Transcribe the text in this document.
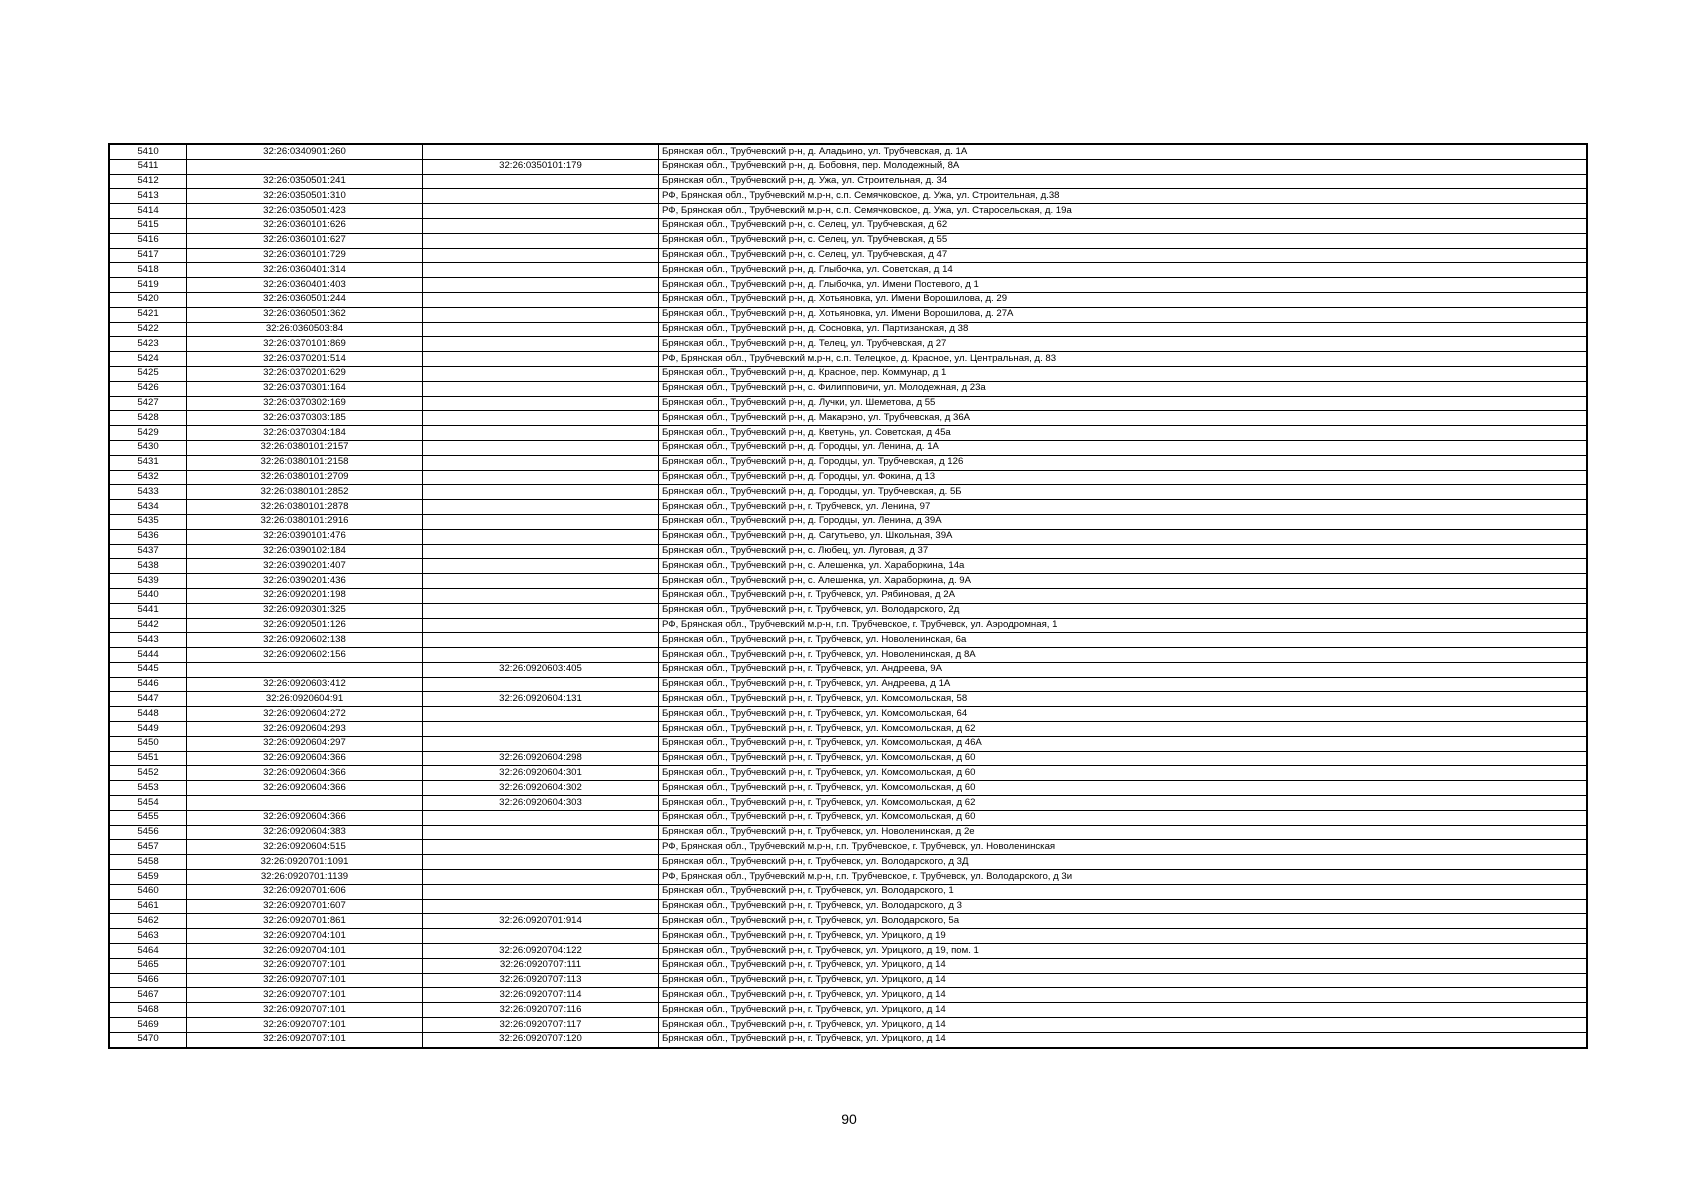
5410	32:26:0340901:260		Брянская обл., Трубчевский р-н, д. Аладьино, ул. Трубчевская, д. 1А
5411		32:26:0350101:179	Брянская обл., Трубчевский р-н, д. Бобовня, пер. Молодежный, 8А
5412	32:26:0350501:241		Брянская обл., Трубчевский р-н, д. Ужа, ул. Строительная, д. 34
5413	32:26:0350501:310		РФ, Брянская обл., Трубчевский м.р-н, с.п. Семячковское, д. Ужа, ул. Строительная, д.38
5414	32:26:0350501:423		РФ, Брянская обл., Трубчевский м.р-н, с.п. Семячковское, д. Ужа, ул. Старосельская, д. 19а
5415	32:26:0360101:626		Брянская обл., Трубчевский р-н, с. Селец, ул. Трубчевская, д 62
5416	32:26:0360101:627		Брянская обл., Трубчевский р-н, с. Селец, ул. Трубчевская, д 55
5417	32:26:0360101:729		Брянская обл., Трубчевский р-н, с. Селец, ул. Трубчевская, д 47
5418	32:26:0360401:314		Брянская обл., Трубчевский р-н, д. Глыбочка, ул. Советская, д 14
5419	32:26:0360401:403		Брянская обл., Трубчевский р-н, д. Глыбочка, ул. Имени Постевого, д 1
5420	32:26:0360501:244		Брянская обл., Трубчевский р-н, д. Хотьяновка, ул. Имени Ворошилова, д. 29
5421	32:26:0360501:362		Брянская обл., Трубчевский р-н, д. Хотьяновка, ул. Имени Ворошилова, д. 27А
5422	32:26:0360503:84		Брянская обл., Трубчевский р-н, д. Сосновка, ул. Партизанская, д 38
5423	32:26:0370101:869		Брянская обл., Трубчевский р-н, д. Телец, ул. Трубчевская, д 27
5424	32:26:0370201:514		РФ, Брянская обл., Трубчевский м.р-н, с.п. Телецкое, д. Красное, ул. Центральная, д. 83
5425	32:26:0370201:629		Брянская обл., Трубчевский р-н, д. Красное, пер. Коммунар, д 1
5426	32:26:0370301:164		Брянская обл., Трубчевский р-н, с. Филипповичи, ул. Молодежная, д 23а
5427	32:26:0370302:169		Брянская обл., Трубчевский р-н, д. Лучки, ул. Шеметова, д 55
5428	32:26:0370303:185		Брянская обл., Трубчевский р-н, д. Макарэно, ул. Трубчевская, д 36А
5429	32:26:0370304:184		Брянская обл., Трубчевский р-н, д. Кветунь, ул. Советская, д 45а
5430	32:26:0380101:2157		Брянская обл., Трубчевский р-н, д. Городцы, ул. Ленина, д. 1А
5431	32:26:0380101:2158		Брянская обл., Трубчевский р-н, д. Городцы, ул. Трубчевская, д 126
5432	32:26:0380101:2709		Брянская обл., Трубчевский р-н, д. Городцы, ул. Фокина, д 13
5433	32:26:0380101:2852		Брянская обл., Трубчевский р-н, д. Городцы, ул. Трубчевская, д. 5Б
5434	32:26:0380101:2878		Брянская обл., Трубчевский р-н, г. Трубчевск, ул. Ленина, 97
5435	32:26:0380101:2916		Брянская обл., Трубчевский р-н, д. Городцы, ул. Ленина, д 39А
5436	32:26:0390101:476		Брянская обл., Трубчевский р-н, д. Сагутьево, ул. Школьная, 39А
5437	32:26:0390102:184		Брянская обл., Трубчевский р-н, с. Любец, ул. Луговая, д 37
5438	32:26:0390201:407		Брянская обл., Трубчевский р-н, с. Алешенка, ул. Хараборкина, 14а
5439	32:26:0390201:436		Брянская обл., Трубчевский р-н, с. Алешенка, ул. Хараборкина, д. 9А
5440	32:26:0920201:198		Брянская обл., Трубчевский р-н, г. Трубчевск, ул. Рябиновая, д 2А
5441	32:26:0920301:325		Брянская обл., Трубчевский р-н, г. Трубчевск, ул. Володарского, 2д
5442	32:26:0920501:126		РФ, Брянская обл., Трубчевский м.р-н, г.п. Трубчевское, г. Трубчевск, ул. Аэродромная, 1
5443	32:26:0920602:138		Брянская обл., Трубчевский р-н, г. Трубчевск, ул. Новоленинская, 6а
5444	32:26:0920602:156		Брянская обл., Трубчевский р-н, г. Трубчевск, ул. Новоленинская, д 8А
5445		32:26:0920603:405	Брянская обл., Трубчевский р-н, г. Трубчевск, ул. Андреева, 9А
5446	32:26:0920603:412		Брянская обл., Трубчевский р-н, г. Трубчевск, ул. Андреева, д 1А
5447	32:26:0920604:91	32:26:0920604:131	Брянская обл., Трубчевский р-н, г. Трубчевск, ул. Комсомольская, 58
5448	32:26:0920604:272		Брянская обл., Трубчевский р-н, г. Трубчевск, ул. Комсомольская, 64
5449	32:26:0920604:293		Брянская обл., Трубчевский р-н, г. Трубчевск, ул. Комсомольская, д 62
5450	32:26:0920604:297		Брянская обл., Трубчевский р-н, г. Трубчевск, ул. Комсомольская, д 46А
5451	32:26:0920604:366	32:26:0920604:298	Брянская обл., Трубчевский р-н, г. Трубчевск, ул. Комсомольская, д 60
5452	32:26:0920604:366	32:26:0920604:301	Брянская обл., Трубчевский р-н, г. Трубчевск, ул. Комсомольская, д 60
5453	32:26:0920604:366	32:26:0920604:302	Брянская обл., Трубчевский р-н, г. Трубчевск, ул. Комсомольская, д 60
5454		32:26:0920604:303	Брянская обл., Трубчевский р-н, г. Трубчевск, ул. Комсомольская, д 62
5455	32:26:0920604:366		Брянская обл., Трубчевский р-н, г. Трубчевск, ул. Комсомольская, д 60
5456	32:26:0920604:383		Брянская обл., Трубчевский р-н, г. Трубчевск, ул. Новоленинская, д 2е
5457	32:26:0920604:515		РФ, Брянская обл., Трубчевский м.р-н, г.п. Трубчевское, г. Трубчевск, ул. Новоленинская
5458	32:26:0920701:1091		Брянская обл., Трубчевский р-н, г. Трубчевск, ул. Володарского, д 3Д
5459	32:26:0920701:1139		РФ, Брянская обл., Трубчевский м.р-н, г.п. Трубчевское, г. Трубчевск, ул. Володарского, д 3и
5460	32:26:0920701:606		Брянская обл., Трубчевский р-н, г. Трубчевск, ул. Володарского, 1
5461	32:26:0920701:607		Брянская обл., Трубчевский р-н, г. Трубчевск, ул. Володарского, д 3
5462	32:26:0920701:861	32:26:0920701:914	Брянская обл., Трубчевский р-н, г. Трубчевск, ул. Володарского, 5а
5463	32:26:0920704:101		Брянская обл., Трубчевский р-н, г. Трубчевск, ул. Урицкого, д 19
5464	32:26:0920704:101	32:26:0920704:122	Брянская обл., Трубчевский р-н, г. Трубчевск, ул. Урицкого, д 19, пом. 1
5465	32:26:0920707:101	32:26:0920707:111	Брянская обл., Трубчевский р-н, г. Трубчевск, ул. Урицкого, д 14
5466	32:26:0920707:101	32:26:0920707:113	Брянская обл., Трубчевский р-н, г. Трубчевск, ул. Урицкого, д 14
5467	32:26:0920707:101	32:26:0920707:114	Брянская обл., Трубчевский р-н, г. Трубчевск, ул. Урицкого, д 14
5468	32:26:0920707:101	32:26:0920707:116	Брянская обл., Трубчевский р-н, г. Трубчевск, ул. Урицкого, д 14
5469	32:26:0920707:101	32:26:0920707:117	Брянская обл., Трубчевский р-н, г. Трубчевск, ул. Урицкого, д 14
5470	32:26:0920707:101	32:26:0920707:120	Брянская обл., Трубчевский р-н, г. Трубчевск, ул. Урицкого, д 14
90
